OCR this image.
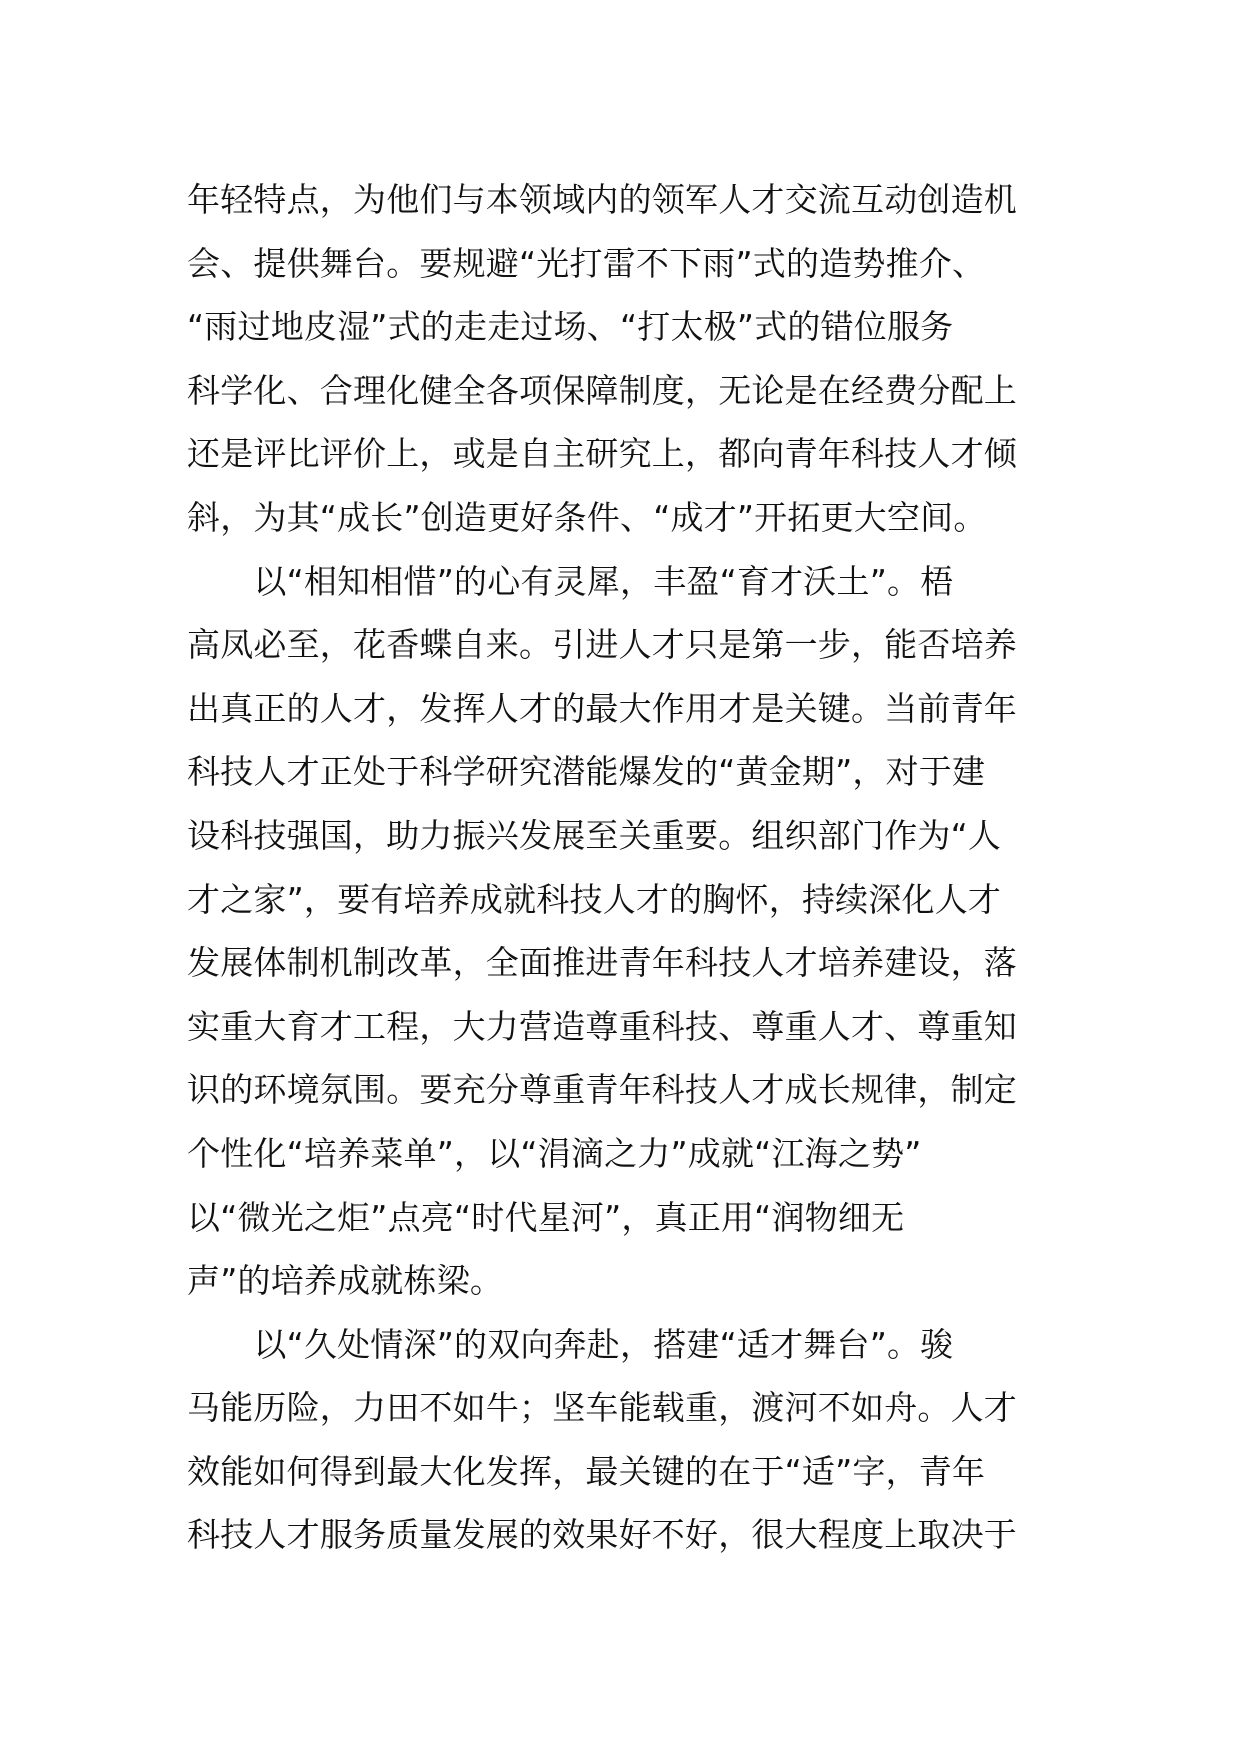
年轻特点，为他们与本领域内的领军人才交流互动创造机
会、提供舞台。要规避“光打雷不下雨”式的造势推介、
“雨过地皮湿”式的走走过场、“打太极”式的错位服务
科学化、合理化健全各项保障制度，无论是在经费分配上
还是评比评价上，或是自主研究上，都向青年科技人才倾
斜，为其“成长”创造更好条件、“成才”开拓更大空间。
　　以“相知相惜”的心有灵犀，丰盈“育才沃土”。梧
高凤必至，花香蝶自来。引进人才只是第一步，能否培养
出真正的人才，发挥人才的最大作用才是关键。当前青年
科技人才正处于科学研究潜能爆发的“黄金期”，对于建
设科技强国，助力振兴发展至关重要。组织部门作为“人
才之家”，要有培养成就科技人才的胸怀，持续深化人才
发展体制机制改革，全面推进青年科技人才培养建设，落
实重大育才工程，大力营造尊重科技、尊重人才、尊重知
识的环境氛围。要充分尊重青年科技人才成长规律，制定
个性化“培养菜单”，以“涓滴之力”成就“江海之势”
以“微光之炬”点亮“时代星河”，真正用“润物细无
声”的培养成就栋梁。
　　以“久处情深”的双向奔赴，搭建“适才舞台”。骏
马能历险，力田不如牛；坚车能载重，渡河不如舟。人才
效能如何得到最大化发挥，最关键的在于“适”字，青年
科技人才服务质量发展的效果好不好，很大程度上取决于
